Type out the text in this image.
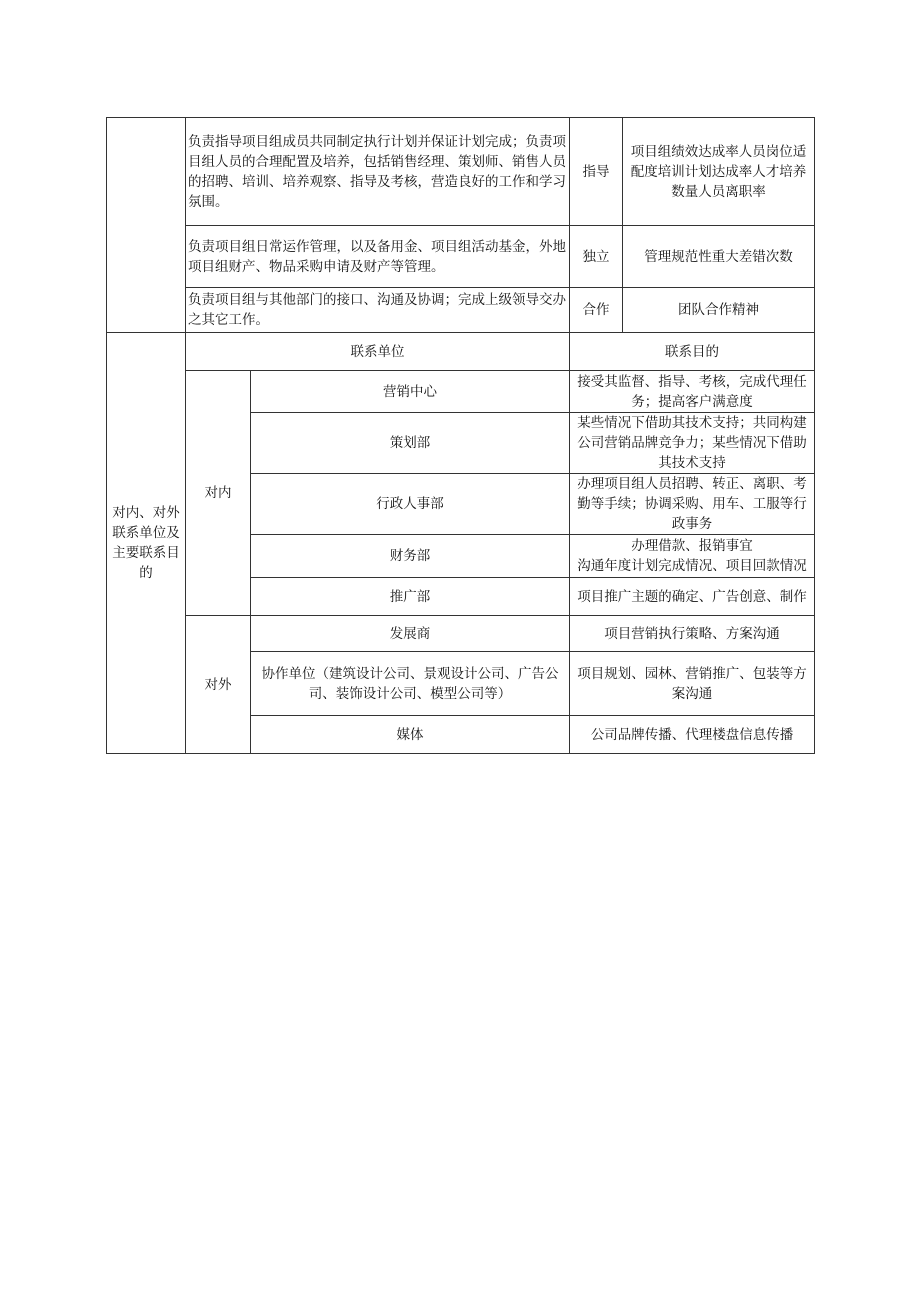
	负责指导项目组成员共同制定执行计划并保证计划完成；负责项目组人员的合理配置及培养，包括销售经理、策划师、销售人员的招聘、培训、培养观察、指导及考核，营造良好的工作和学习氛围。		指导	项目组绩效达成率人员岗位适配度培训计划达成率人才培养数量人员离职率
	负责项目组日常运作管理，以及备用金、项目组活动基金，外地项目组财产、物品采购申请及财产等管理。		独立	管理规范性重大差错次数
	负责项目组与其他部门的接口、沟通及协调；完成上级领导交办之其它工作。		合作	团队合作精神
对内、对外联系单位及主要联系目的	联系单位		联系目的	
	对内	营销中心	接受其监督、指导、考核，完成代理任务；提高客户满意度	
		策划部	某些情况下借助其技术支持；共同构建公司营销品牌竞争力；某些情况下借助其技术支持	
		行政人事部	办理项目组人员招聘、转正、离职、考勤等手续；协调采购、用车、工服等行政事务	
		财务部	办理借款、报销事宜
沟通年度计划完成情况、项目回款情况	

		推广部	项目推广主题的确定、广告创意、制作	
	对外	发展商	项目营销执行策略、方案沟通	
		协作单位（建筑设计公司、景观设计公司、广告公司、装饰设计公司、模型公司等）	项目规划、园林、营销推广、包装等方案沟通	
		媒体	公司品牌传播、代理楼盘信息传播	
